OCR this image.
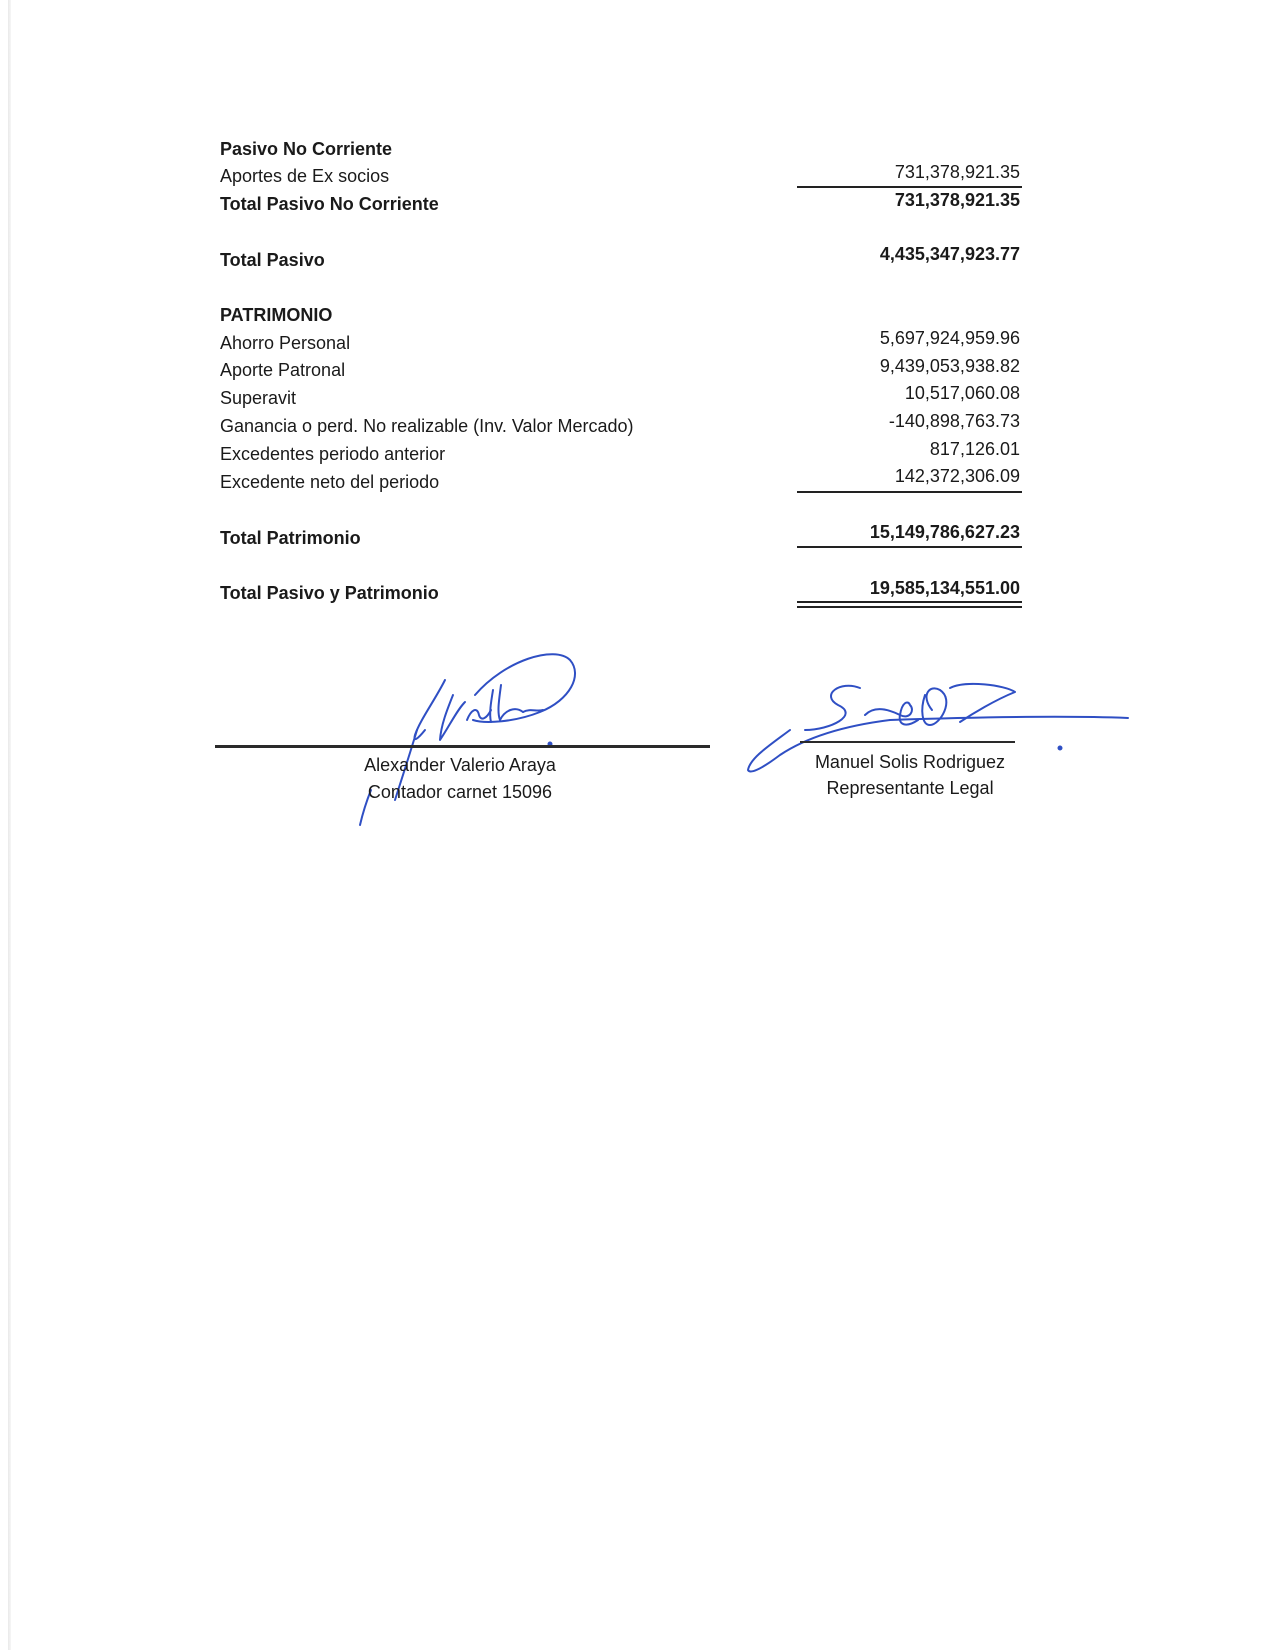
Pasivo No Corriente
Aportes de Ex socios	731,378,921.35
Total Pasivo No Corriente	731,378,921.35
Total Pasivo	4,435,347,923.77
PATRIMONIO
Ahorro Personal	5,697,924,959.96
Aporte Patronal	9,439,053,938.82
Superavit	10,517,060.08
Ganancia o perd. No realizable (Inv. Valor Mercado)	-140,898,763.73
Excedentes periodo anterior	817,126.01
Excedente neto del periodo	142,372,306.09
Total Patrimonio	15,149,786,627.23
Total Pasivo y Patrimonio	19,585,134,551.00
Alexander Valerio Araya
Contador carnet 15096
Manuel Solis Rodriguez
Representante Legal
